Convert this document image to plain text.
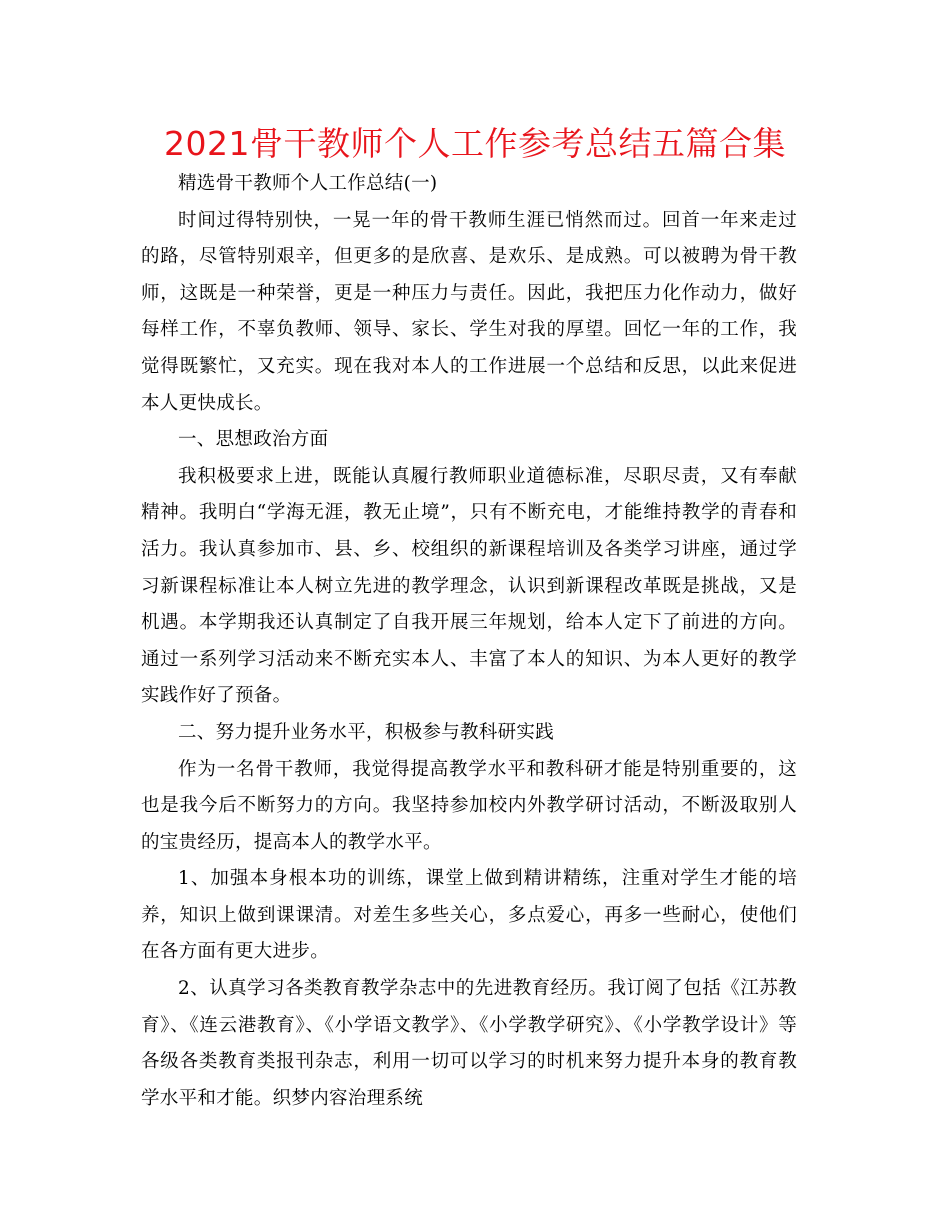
2021骨干教师个人工作参考总结五篇合集

精选骨干教师个人工作总结(一)

时间过得特别快，一晃一年的骨干教师生涯已悄然而过。回首一年来走过的路，尽管特别艰辛，但更多的是欣喜、是欢乐、是成熟。可以被聘为骨干教师，这既是一种荣誉，更是一种压力与责任。因此，我把压力化作动力，做好每样工作，不辜负教师、领导、家长、学生对我的厚望。回忆一年的工作，我觉得既繁忙，又充实。现在我对本人的工作进展一个总结和反思，以此来促进本人更快成长。

一、思想政治方面

我积极要求上进，既能认真履行教师职业道德标准，尽职尽责，又有奉献精神。我明白“学海无涯，教无止境”，只有不断充电，才能维持教学的青春和活力。我认真参加市、县、乡、校组织的新课程培训及各类学习讲座，通过学习新课程标准让本人树立先进的教学理念，认识到新课程改革既是挑战，又是机遇。本学期我还认真制定了自我开展三年规划，给本人定下了前进的方向。通过一系列学习活动来不断充实本人、丰富了本人的知识、为本人更好的教学实践作好了预备。

二、努力提升业务水平，积极参与教科研实践

作为一名骨干教师，我觉得提高教学水平和教科研才能是特别重要的，这也是我今后不断努力的方向。我坚持参加校内外教学研讨活动，不断汲取别人的宝贵经历，提高本人的教学水平。

1、加强本身根本功的训练，课堂上做到精讲精练，注重对学生才能的培养，知识上做到课课清。对差生多些关心，多点爱心，再多一些耐心，使他们在各方面有更大进步。

2、认真学习各类教育教学杂志中的先进教育经历。我订阅了包括《江苏教育》、《连云港教育》、《小学语文教学》、《小学教学研究》、《小学教学设计》等各级各类教育类报刊杂志，利用一切可以学习的时机来努力提升本身的教育教学水平和才能。织梦内容治理系统
